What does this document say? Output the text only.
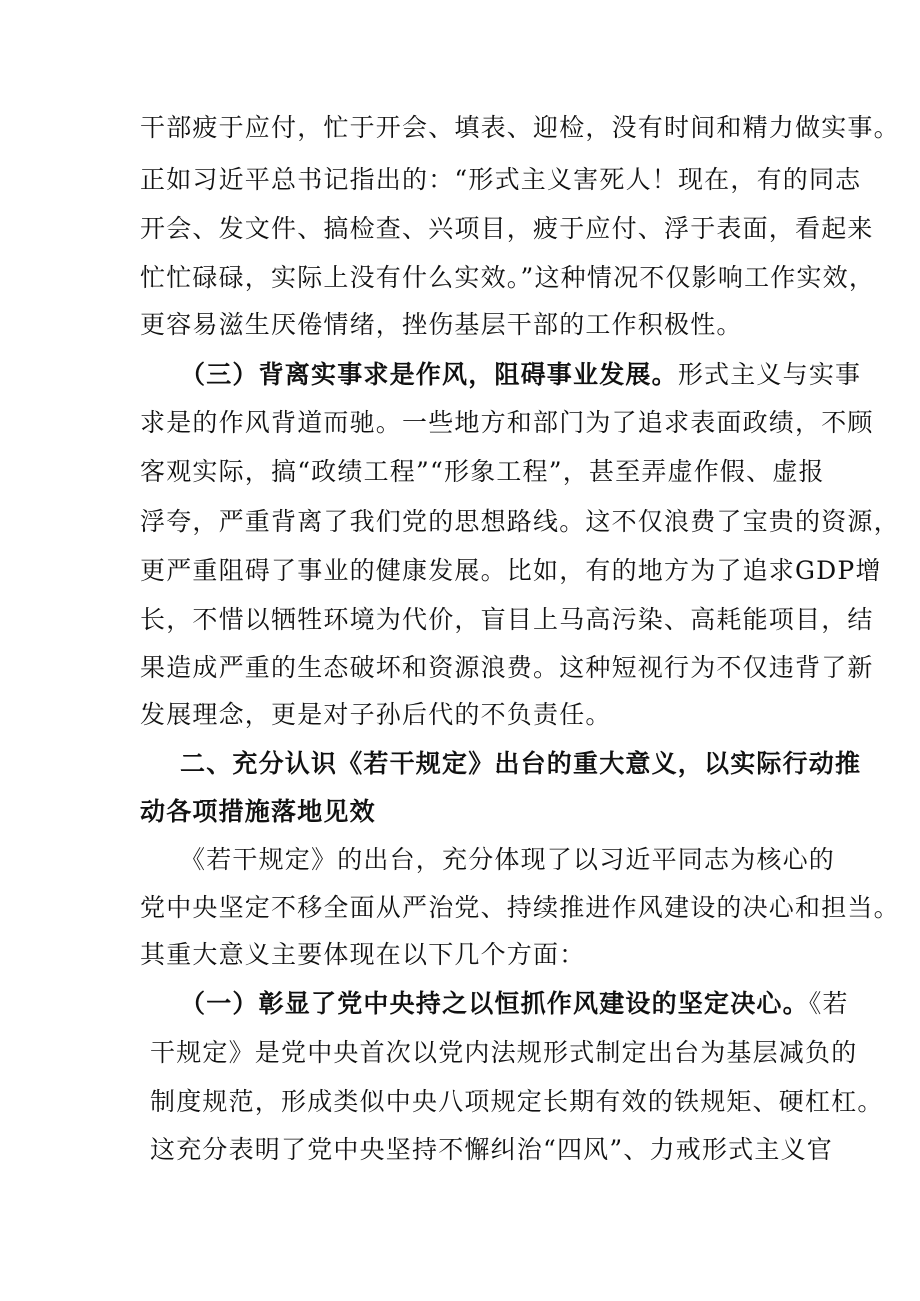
干部疲于应付，忙于开会、填表、迎检，没有时间和精力做实事。
正如习近平总书记指出的：“形式主义害死人！现在，有的同志
开会、发文件、搞检查、兴项目，疲于应付、浮于表面，看起来
忙忙碌碌，实际上没有什么实效。”这种情况不仅影响工作实效，
更容易滋生厌倦情绪，挫伤基层干部的工作积极性。
（三）背离实事求是作风，阻碍事业发展。形式主义与实事
求是的作风背道而驰。一些地方和部门为了追求表面政绩，不顾
客观实际，搞“政绩工程”“形象工程”，甚至弄虚作假、虚报
浮夸，严重背离了我们党的思想路线。这不仅浪费了宝贵的资源，
更严重阻碍了事业的健康发展。比如，有的地方为了追求GDP增
长，不惜以牺牲环境为代价，盲目上马高污染、高耗能项目，结
果造成严重的生态破坏和资源浪费。这种短视行为不仅违背了新
发展理念，更是对子孙后代的不负责任。
二、充分认识《若干规定》出台的重大意义，以实际行动推
动各项措施落地见效
《若干规定》的出台，充分体现了以习近平同志为核心的
党中央坚定不移全面从严治党、持续推进作风建设的决心和担当。
其重大意义主要体现在以下几个方面：
（一）彰显了党中央持之以恒抓作风建设的坚定决心。《若
干规定》是党中央首次以党内法规形式制定出台为基层减负的
制度规范，形成类似中央八项规定长期有效的铁规矩、硬杠杠。
这充分表明了党中央坚持不懈纠治“四风”、力戒形式主义官
